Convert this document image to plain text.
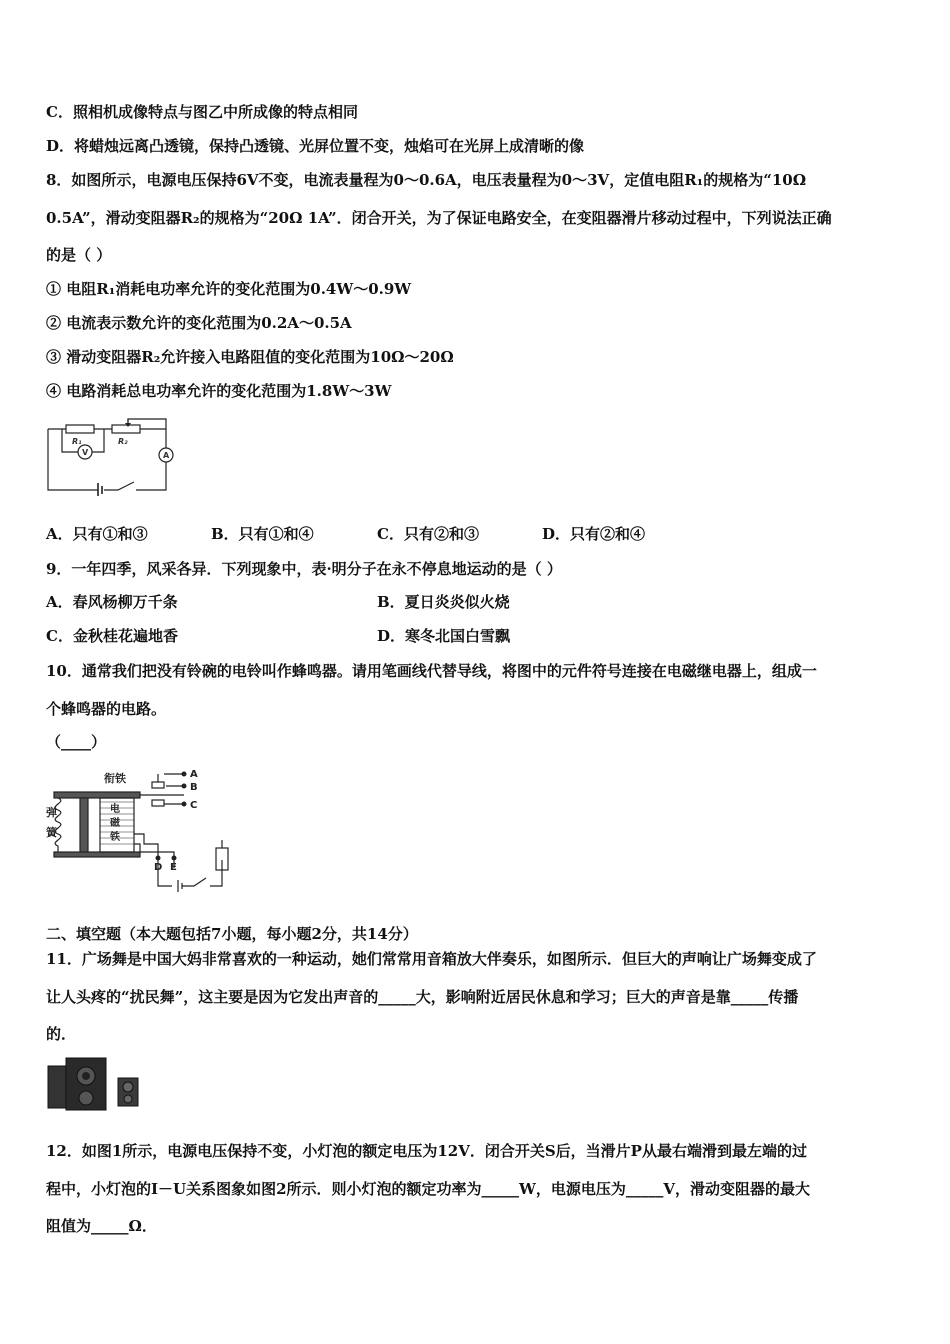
C．照相机成像特点与图乙中所成像的特点相同
D．将蜡烛远离凸透镜，保持凸透镜、光屏位置不变，烛焰可在光屏上成清晰的像
8．如图所示，电源电压保持6V不变，电流表量程为0～0.6A，电压表量程为0～3V，定值电阻R₁的规格为“10Ω
0.5A”，滑动变阻器R₂的规格为“20Ω 1A”．闭合开关，为了保证电路安全，在变阻器滑片移动过程中，下列说法正确
的是（ ）
① 电阻R₁消耗电功率允许的变化范围为0.4W～0.9W
② 电流表示数允许的变化范围为0.2A～0.5A
③ 滑动变阻器R₂允许接入电路阻值的变化范围为10Ω～20Ω
④ 电路消耗总电功率允许的变化范围为1.8W～3W
R₁	R₂
V	A
A．只有①和③	B．只有①和④	C．只有②和③	D．只有②和④
9．一年四季，风采各异．下列现象中，表·明分子在永不停息地运动的是（ ）
A．春风杨柳万千条	B．夏日炎炎似火烧
C．金秋桂花遍地香	D．寒冬北国白雪飘
10．通常我们把没有铃碗的电铃叫作蜂鸣器。请用笔画线代替导线，将图中的元件符号连接在电磁继电器上，组成一
个蜂鸣器的电路。
（____）
衔铁
弹
簧
电
磁
铁
A
B
C
D E
二、填空题（本大题包括7小题，每小题2分，共14分）
11．广场舞是中国大妈非常喜欢的一种运动，她们常常用音箱放大伴奏乐，如图所示．但巨大的声响让广场舞变成了
让人头疼的“扰民舞”，这主要是因为它发出声音的_____大，影响附近居民休息和学习；巨大的声音是靠_____传播
的．
12．如图1所示，电源电压保持不变，小灯泡的额定电压为12V．闭合开关S后，当滑片P从最右端滑到最左端的过
程中，小灯泡的I－U关系图象如图2所示．则小灯泡的额定功率为_____W，电源电压为_____V，滑动变阻器的最大
阻值为_____Ω．
